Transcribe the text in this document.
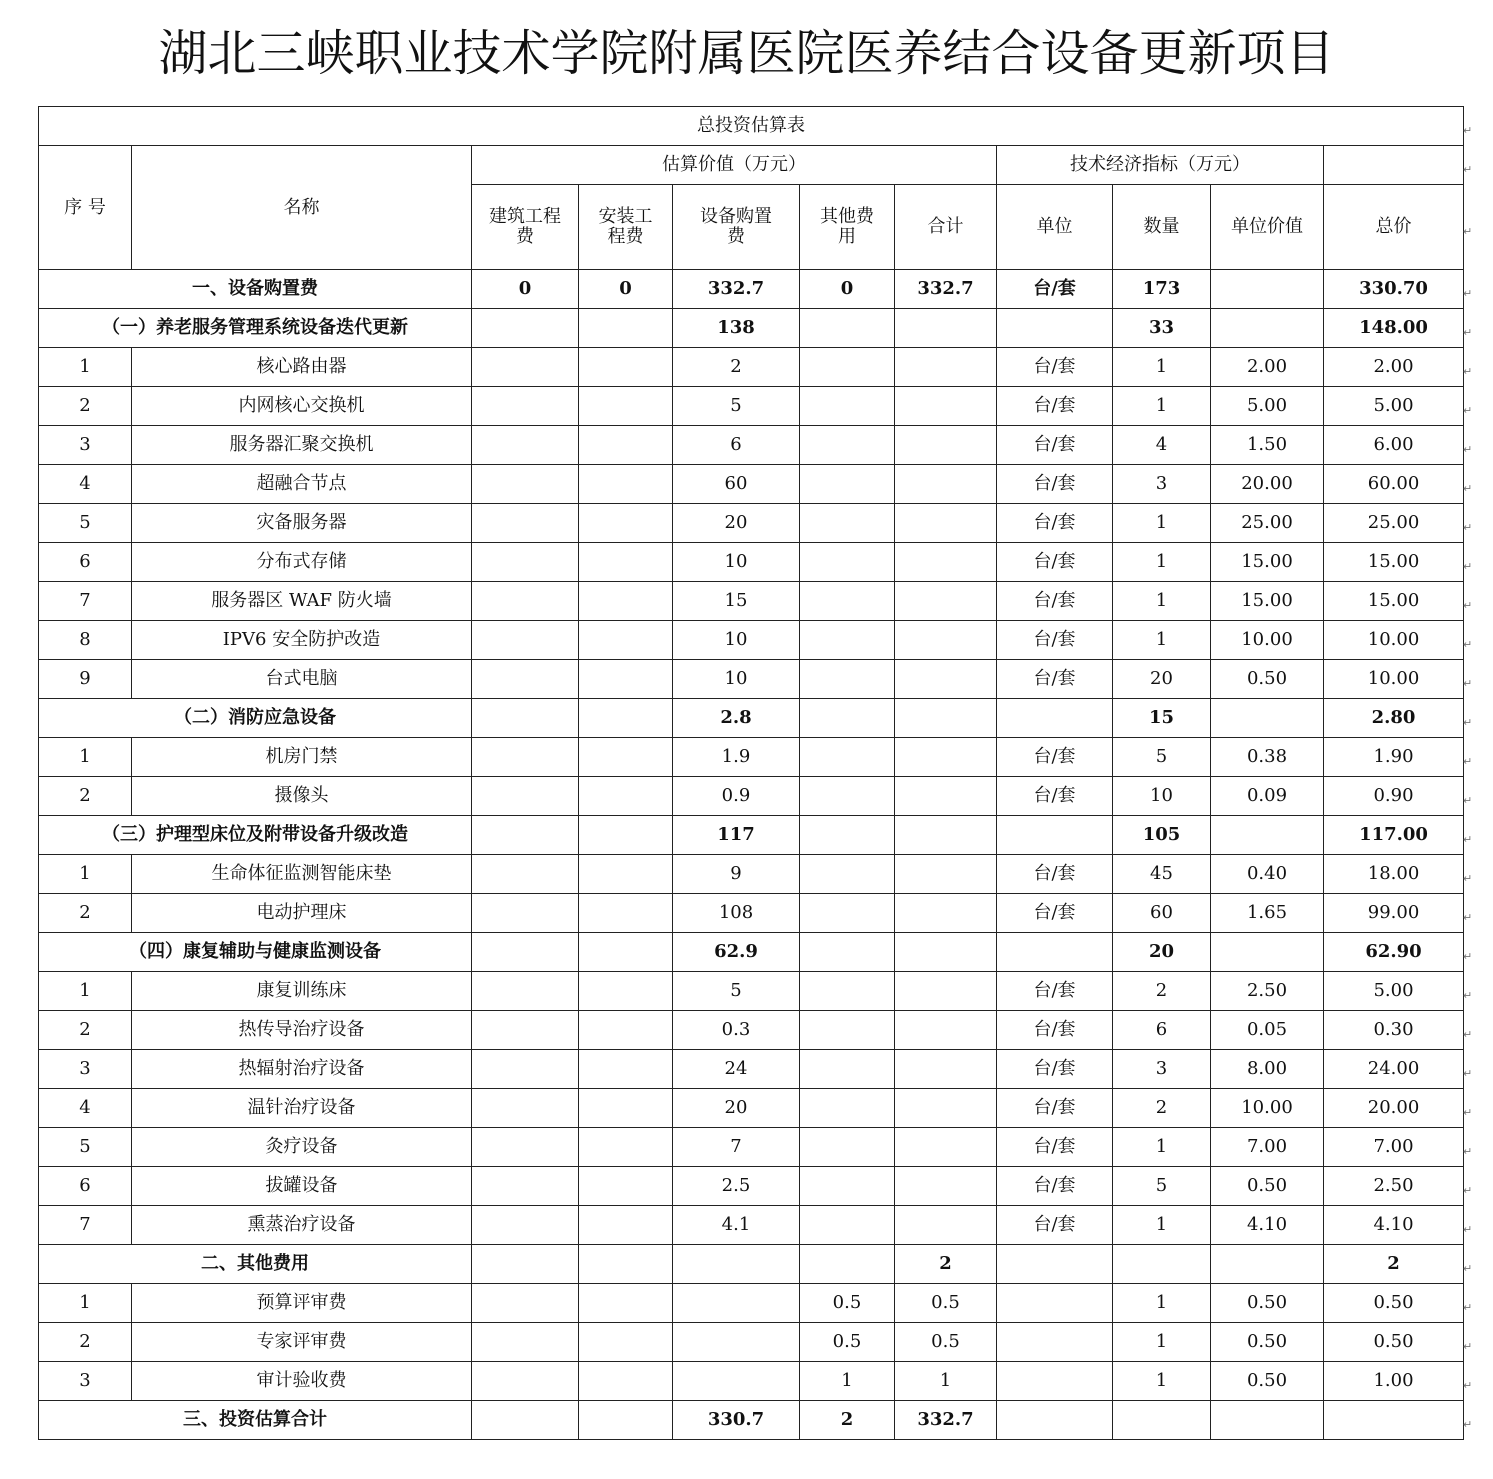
湖北三峡职业技术学院附属医院医养结合设备更新项目
总投资估算表										
序 号	名称	估算价值（万元）					技术经济指标（万元）			
		建筑工程费	安装工程费	设备购置费	其他费用	合计	单位	数量	单位价值	总价
一、设备购置费		0	0	332.7	0	332.7	台/套	173		330.70
（一）养老服务管理系统设备迭代更新				138				33		148.00
1	核心路由器			2			台/套	1	2.00	2.00
2	内网核心交换机			5			台/套	1	5.00	5.00
3	服务器汇聚交换机			6			台/套	4	1.50	6.00
4	超融合节点			60			台/套	3	20.00	60.00
5	灾备服务器			20			台/套	1	25.00	25.00
6	分布式存储			10			台/套	1	15.00	15.00
7	服务器区 WAF 防火墙			15			台/套	1	15.00	15.00
8	IPV6 安全防护改造			10			台/套	1	10.00	10.00
9	台式电脑			10			台/套	20	0.50	10.00
（二）消防应急设备				2.8				15		2.80
1	机房门禁			1.9			台/套	5	0.38	1.90
2	摄像头			0.9			台/套	10	0.09	0.90
（三）护理型床位及附带设备升级改造				117				105		117.00
1	生命体征监测智能床垫			9			台/套	45	0.40	18.00
2	电动护理床			108			台/套	60	1.65	99.00
（四）康复辅助与健康监测设备				62.9				20		62.90
1	康复训练床			5			台/套	2	2.50	5.00
2	热传导治疗设备			0.3			台/套	6	0.05	0.30
3	热辐射治疗设备			24			台/套	3	8.00	24.00
4	温针治疗设备			20			台/套	2	10.00	20.00
5	灸疗设备			7			台/套	1	7.00	7.00
6	拔罐设备			2.5			台/套	5	0.50	2.50
7	熏蒸治疗设备			4.1			台/套	1	4.10	4.10
二、其他费用						2				2
1	预算评审费				0.5	0.5		1	0.50	0.50
2	专家评审费				0.5	0.5		1	0.50	0.50
3	审计验收费				1	1		1	0.50	1.00
三、投资估算合计				330.7	2	332.7				
↵
↵
↵
↵
↵
↵
↵
↵
↵
↵
↵
↵
↵
↵
↵
↵
↵
↵
↵
↵
↵
↵
↵
↵
↵
↵
↵
↵
↵
↵
↵
↵
↵
